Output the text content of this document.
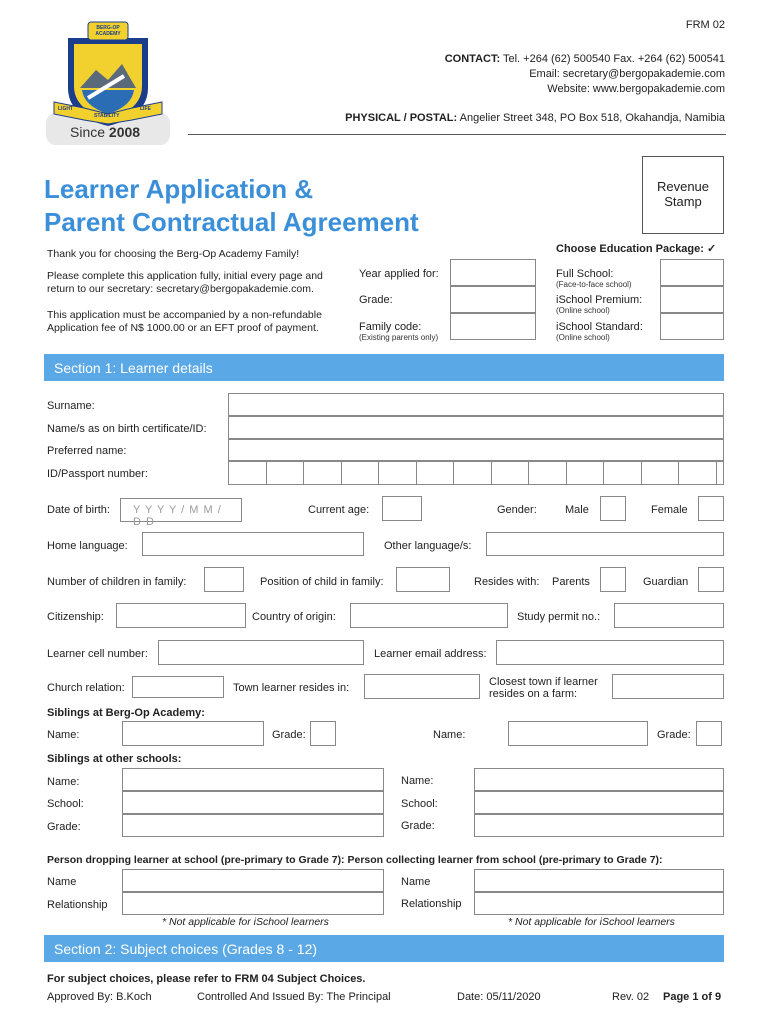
FRM 02
BERG-OP ACADEMY
LIGHT
STABILITY
LIFE
Since 2008
CONTACT: Tel. +264 (62) 500540 Fax. +264 (62) 500541
Email: secretary@bergopakademie.com
Website: www.bergopakademie.com
PHYSICAL / POSTAL: Angelier Street 348, PO Box 518, Okahandja, Namibia
Learner Application &
Parent Contractual Agreement
Revenue Stamp
Thank you for choosing the Berg-Op Academy Family!
Please complete this application fully, initial every page and return to our secretary: secretary@bergopakademie.com.
This application must be accompanied by a non-refundable Application fee of N$ 1000.00 or an EFT proof of payment.
Year applied for:
Grade:
Family code:
(Existing parents only)
Choose Education Package: ✓
Full School:
(Face-to-face school)
iSchool Premium:
(Online school)
iSchool Standard:
(Online school)
Section 1: Learner details
Surname:
Name/s as on birth certificate/ID:
Preferred name:
ID/Passport number:
Date of birth:	Y Y Y Y / M M / D D
Current age:	Gender:	Male	Female
Home language:	Other language/s:
Number of children in family:	Position of child in family:	Resides with: Parents	Guardian
Citizenship:	Country of origin:	Study permit no.:
Learner cell number:	Learner email address:
Church relation:	Town learner resides in:	Closest town if learner resides on a farm:
Siblings at Berg-Op Academy:
Name:	Grade:	Name:	Grade:
Siblings at other schools:
Name:
School:
Grade:
Name:
School:
Grade:
Person dropping learner at school (pre-primary to Grade 7): Person collecting learner from school (pre-primary to Grade 7):
Name
Relationship
Name
Relationship
* Not applicable for iSchool learners	* Not applicable for iSchool learners
Section 2: Subject choices (Grades 8 - 12)
For subject choices, please refer to FRM 04 Subject Choices.
Approved By: B.Koch	Controlled And Issued By: The Principal	Date: 05/11/2020	Rev. 02 Page 1 of 9
